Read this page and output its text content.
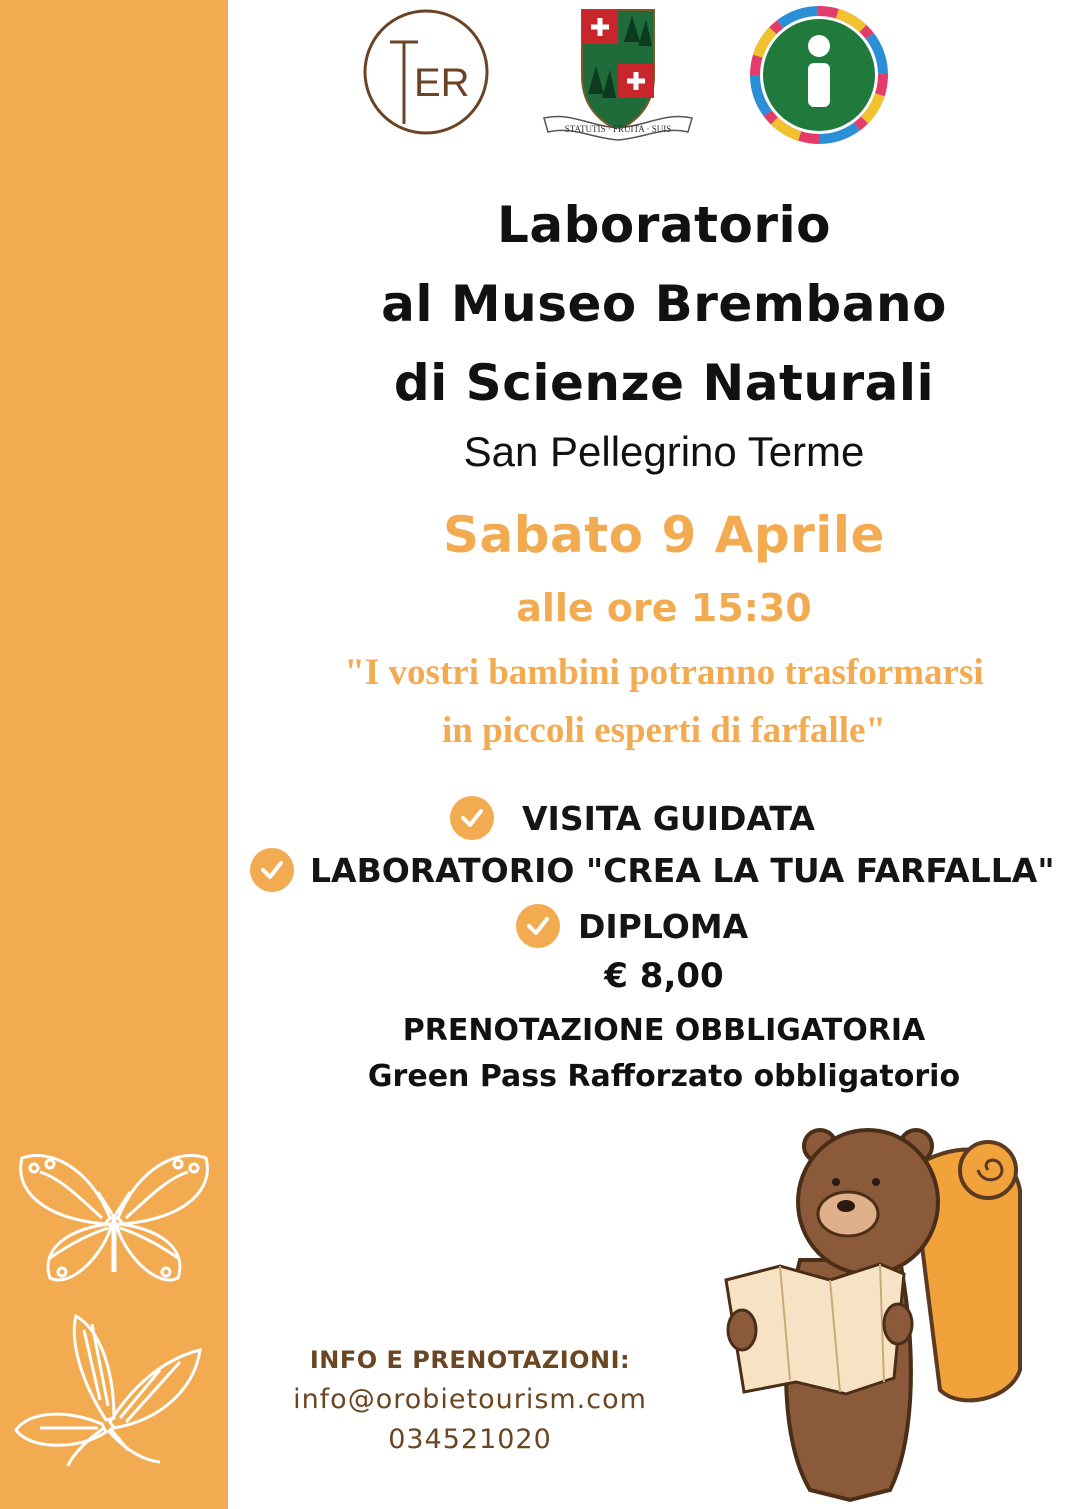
ER
STATUTIS · FRUITA · SUIS
Laboratorio
al Museo Brembano
di Scienze Naturali
San Pellegrino Terme
Sabato 9 Aprile
alle ore 15:30
"I vostri bambini potranno trasformarsi
in piccoli esperti di farfalle"
VISITA GUIDATA
LABORATORIO "CREA LA TUA FARFALLA"
DIPLOMA
€ 8,00
PRENOTAZIONE OBBLIGATORIA
Green Pass Rafforzato obbligatorio
INFO E PRENOTAZIONI:
info@orobietourism.com
034521020
